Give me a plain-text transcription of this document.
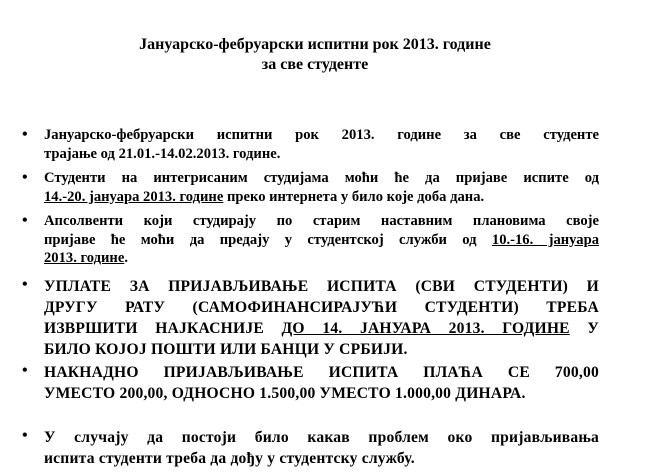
Јануарско-фебруарски испитни рок 2013. године
за све студенте
• Јануарско-фебруарски испитни рок 2013. године за све студенте
трајање од 21.01.-14.02.2013. године.
• Студенти на интегрисаним студијама моћи ће да пријаве испите од
14.-20. јануара 2013. године преко интернета у било које доба дана.
• Апсолвенти који студирају по старим наставним плановима своје
пријаве ће моћи да предају у студентској служби од 10.-16. јануара
2013. године.
• УПЛАТЕ ЗА ПРИЈАВЉИВАЊЕ ИСПИТА (СВИ СТУДЕНТИ) И
ДРУГУ РАТУ (САМОФИНАНСИРАЈУЋИ СТУДЕНТИ) ТРЕБА
ИЗВРШИТИ НАЈКАСНИЈЕ ДО 14. ЈАНУАРА 2013. ГОДИНЕ У
БИЛО КОЈОЈ ПОШТИ ИЛИ БАНЦИ У СРБИЈИ.
• НАКНАДНО ПРИЈАВЉИВАЊЕ ИСПИТА ПЛАЋА СЕ 700,00
УМЕСТО 200,00, ОДНОСНО 1.500,00 УМЕСТО 1.000,00 ДИНАРА.
• У случају да постоји било какав проблем око пријављивања
испита студенти треба да дођу у студентску службу.
